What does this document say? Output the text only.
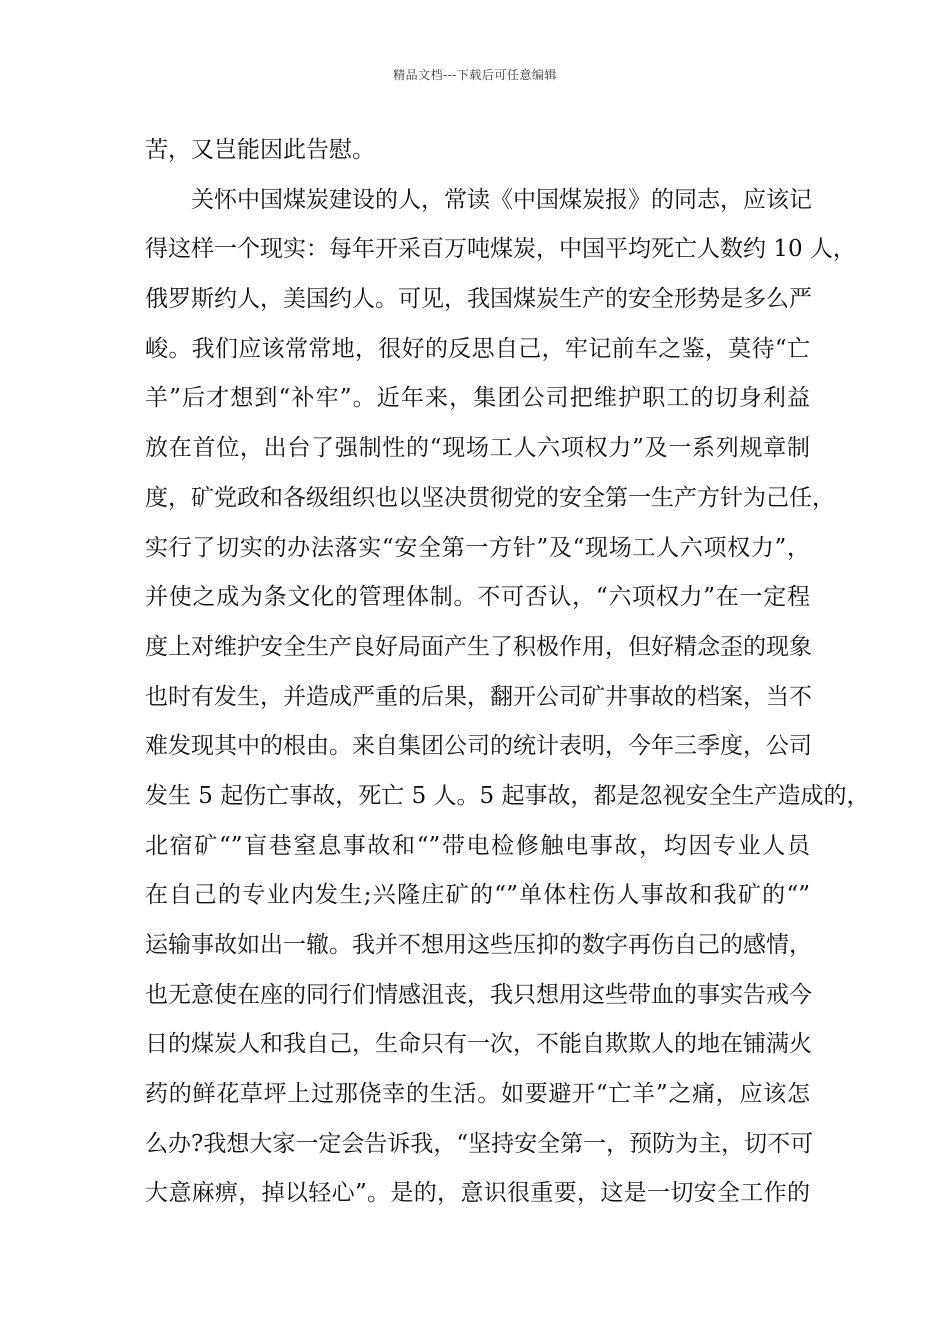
精品文档---下载后可任意编辑
苦，又岂能因此告慰。
关怀中国煤炭建设的人，常读《中国煤炭报》的同志，应该记
得这样一个现实：每年开采百万吨煤炭，中国平均死亡人数约 10 人，
俄罗斯约人，美国约人。可见，我国煤炭生产的安全形势是多么严
峻。我们应该常常地，很好的反思自己，牢记前车之鉴，莫待“亡
羊”后才想到“补牢”。近年来，集团公司把维护职工的切身利益
放在首位，出台了强制性的“现场工人六项权力”及一系列规章制
度，矿党政和各级组织也以坚决贯彻党的安全第一生产方针为己任，
实行了切实的办法落实“安全第一方针”及“现场工人六项权力”，
并使之成为条文化的管理体制。不可否认，“六项权力”在一定程
度上对维护安全生产良好局面产生了积极作用，但好精念歪的现象
也时有发生，并造成严重的后果，翻开公司矿井事故的档案，当不
难发现其中的根由。来自集团公司的统计表明，今年三季度，公司
发生 5 起伤亡事故，死亡 5 人。5 起事故，都是忽视安全生产造成的，
北宿矿“”盲巷窒息事故和“”带电检修触电事故，均因专业人员
在自己的专业内发生;兴隆庄矿的“”单体柱伤人事故和我矿的“”
运输事故如出一辙。我并不想用这些压抑的数字再伤自己的感情，
也无意使在座的同行们情感沮丧，我只想用这些带血的事实告戒今
日的煤炭人和我自己，生命只有一次，不能自欺欺人的地在铺满火
药的鲜花草坪上过那侥幸的生活。如要避开“亡羊”之痛，应该怎
么办?我想大家一定会告诉我，“坚持安全第一，预防为主，切不可
大意麻痹，掉以轻心”。是的，意识很重要，这是一切安全工作的
